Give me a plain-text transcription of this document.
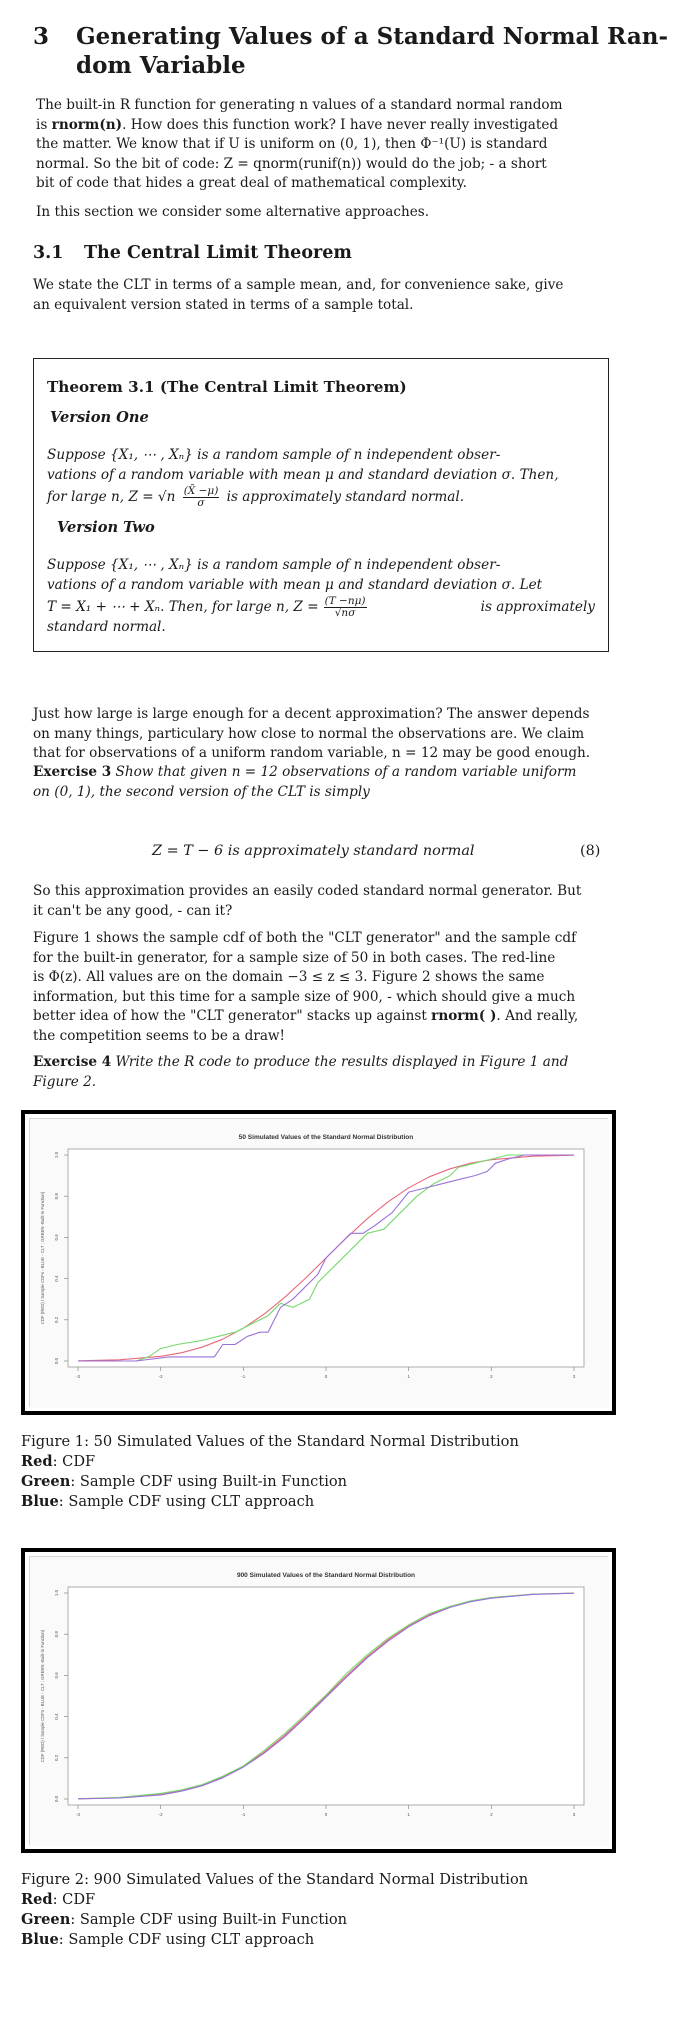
3 Generating Values of a Standard Normal Ran-
dom Variable
The built-in R function for generating n values of a standard normal random
is rnorm(n). How does this function work? I have never really investigated
the matter. We know that if U is uniform on (0, 1), then Φ⁻¹(U) is standard
normal. So the bit of code: Z = qnorm(runif(n)) would do the job; - a short
bit of code that hides a great deal of mathematical complexity.
In this section we consider some alternative approaches.
3.1 The Central Limit Theorem
We state the CLT in terms of a sample mean, and, for convenience sake, give
an equivalent version stated in terms of a sample total.
Theorem 3.1 (The Central Limit Theorem)
Version One
Suppose {X₁, ⋯ , Xₙ} is a random sample of n independent obser-
vations of a random variable with mean μ and standard deviation σ. Then,
for large n, $Z = √n \frac{(X̄ -\mu)}{\sigma}$ is approximately standard normal.
Version Two
Suppose {X₁, ⋯ , Xₙ} is a random sample of n independent obser-
vations of a random variable with mean μ and standard deviation σ. Let
T = X₁ + ⋯ + Xₙ. Then, for large n, $Z = \frac{(T -n\mu)}{√n\sigma}$	is approximately
standard normal.
Just how large is large enough for a decent approximation? The answer depends
on many things, particulary how close to normal the observations are. We claim
that for observations of a uniform random variable, n = 12 may be good enough.
Exercise 3 Show that given n = 12 observations of a random variable uniform
on (0, 1), the second version of the CLT is simply
Z = T − 6 is approximately standard normal	(8)
So this approximation provides an easily coded standard normal generator. But
it can't be any good, - can it?
Figure 1 shows the sample cdf of both the "CLT generator" and the sample cdf
for the built-in generator, for a sample size of 50 in both cases. The red-line
is Φ(z). All values are on the domain −3 ≤ z ≤ 3. Figure 2 shows the same
information, but this time for a sample size of 900, - which should give a much
better idea of how the "CLT generator" stacks up against rnorm( ). And really,
the competition seems to be a draw!
Exercise 4 Write the R code to produce the results displayed in Figure 1 and
Figure 2.
50 Simulated Values of the Standard Normal Distribution
0.0
0.2
0.4
0.6
0.8
1.0
-3	-2	-1	0	1	2	3
CDF (RED) / Sample CDFs - BLUE - CLT ; GREEN -Built-in Function)
Figure 1: 50 Simulated Values of the Standard Normal Distribution
Red: CDF
Green: Sample CDF using Built-in Function
Blue: Sample CDF using CLT approach
900 Simulated Values of the Standard Normal Distribution
0.0
0.2
0.4
0.6
0.8
1.0
-3	-2	-1	0	1	2	3
CDF (RED) / Sample CDFs - BLUE - CLT ; GREEN -Built-in Function)
Figure 2: 900 Simulated Values of the Standard Normal Distribution
Red: CDF
Green: Sample CDF using Built-in Function
Blue: Sample CDF using CLT approach
